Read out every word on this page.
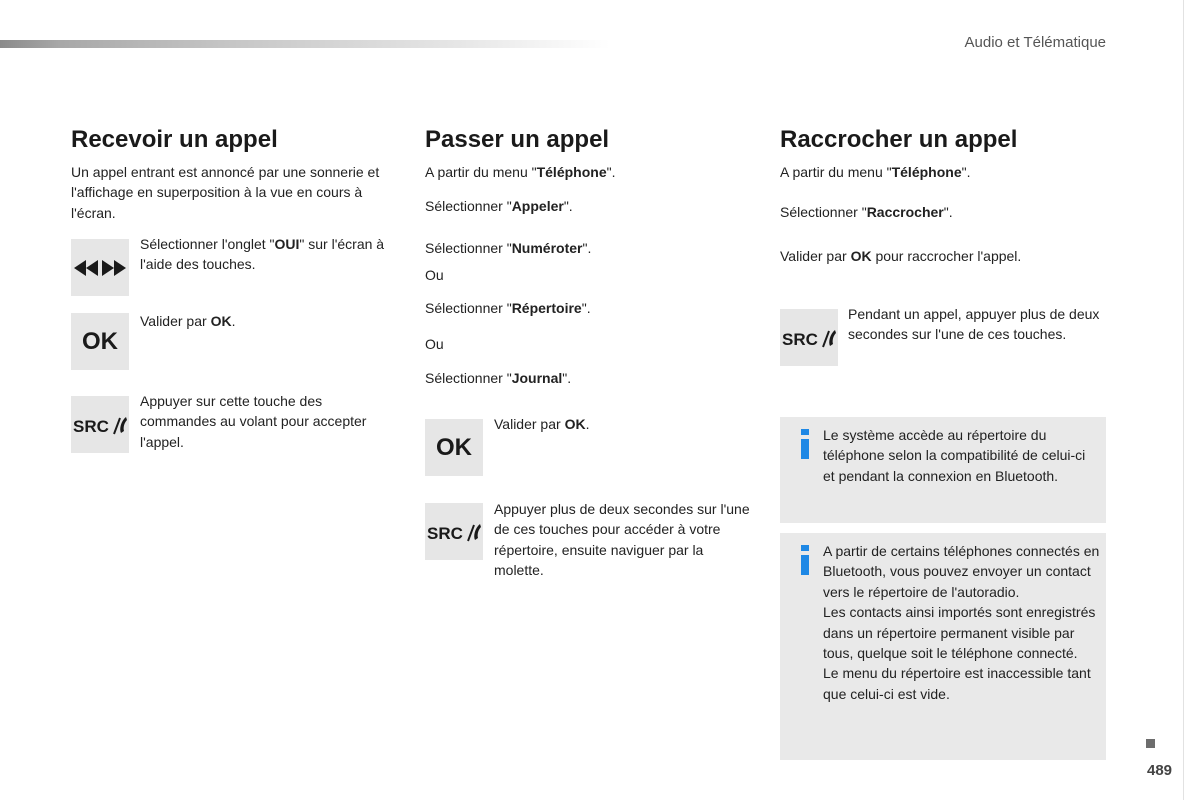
Audio et Télématique
Recevoir un appel
Un appel entrant est annoncé par une sonnerie et l'affichage en superposition à la vue en cours à l'écran.
Sélectionner l'onglet "OUI" sur l'écran à l'aide des touches.
OK
Valider par OK.
SRC
Appuyer sur cette touche des commandes au volant pour accepter l'appel.
Passer un appel
A partir du menu "Téléphone".
Sélectionner "Appeler".
Sélectionner "Numéroter".
Ou
Sélectionner "Répertoire".
Ou
Sélectionner "Journal".
OK
Valider par OK.
SRC
Appuyer plus de deux secondes sur l'une de ces touches pour accéder à votre répertoire, ensuite naviguer par la molette.
Raccrocher un appel
A partir du menu "Téléphone".
Sélectionner "Raccrocher".
Valider par OK pour raccrocher l'appel.
SRC
Pendant un appel, appuyer plus de deux secondes sur l'une de ces touches.
Le système accède au répertoire du téléphone selon la compatibilité de celui-ci et pendant la connexion en Bluetooth.
A partir de certains téléphones connectés en Bluetooth, vous pouvez envoyer un contact vers le répertoire de l'autoradio.
Les contacts ainsi importés sont enregistrés dans un répertoire permanent visible par tous, quelque soit le téléphone connecté.
Le menu du répertoire est inaccessible tant que celui-ci est vide.
489
